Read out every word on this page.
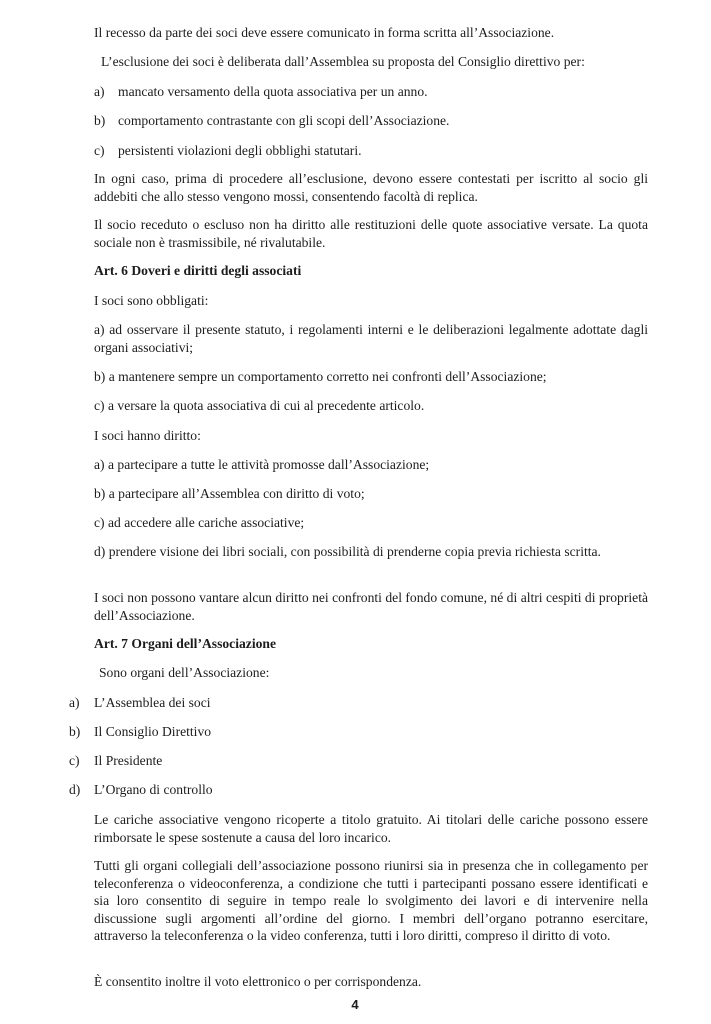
Il recesso da parte dei soci deve essere comunicato in forma scritta all’Associazione.

L’esclusione dei soci è deliberata dall’Assemblea su proposta del Consiglio direttivo per:

a) mancato versamento della quota associativa per un anno.
b) comportamento contrastante con gli scopi dell’Associazione.
c) persistenti violazioni degli obblighi statutari.

In ogni caso, prima di procedere all’esclusione, devono essere contestati per iscritto al socio gli addebiti che allo stesso vengono mossi, consentendo facoltà di replica.

Il socio receduto o escluso non ha diritto alle restituzioni delle quote associative versate. La quota sociale non è trasmissibile, né rivalutabile.

Art. 6 Doveri e diritti degli associati

I soci sono obbligati:

a) ad osservare il presente statuto, i regolamenti interni e le deliberazioni legalmente adottate dagli organi associativi;

b) a mantenere sempre un comportamento corretto nei confronti dell’Associazione;

c) a versare la quota associativa di cui al precedente articolo.

I soci hanno diritto:

a) a partecipare a tutte le attività promosse dall’Associazione;

b) a partecipare all’Assemblea con diritto di voto;

c) ad accedere alle cariche associative;

d) prendere visione dei libri sociali, con possibilità di prenderne copia previa richiesta scritta.

I soci non possono vantare alcun diritto nei confronti del fondo comune, né di altri cespiti di proprietà dell’Associazione.

Art. 7 Organi dell’Associazione

Sono organi dell’Associazione:

a) L’Assemblea dei soci
b) Il Consiglio Direttivo
c) Il Presidente
d) L’Organo di controllo

Le cariche associative vengono ricoperte a titolo gratuito. Ai titolari delle cariche possono essere rimborsate le spese sostenute a causa del loro incarico.

Tutti gli organi collegiali dell’associazione possono riunirsi sia in presenza che in collegamento per teleconferenza o videoconferenza, a condizione che tutti i partecipanti possano essere identificati e sia loro consentito di seguire in tempo reale lo svolgimento dei lavori e di intervenire nella discussione sugli argomenti all’ordine del giorno. I membri dell’organo potranno esercitare, attraverso la teleconferenza o la video conferenza, tutti i loro diritti, compreso il diritto di voto.

È consentito inoltre il voto elettronico o per corrispondenza.

4
